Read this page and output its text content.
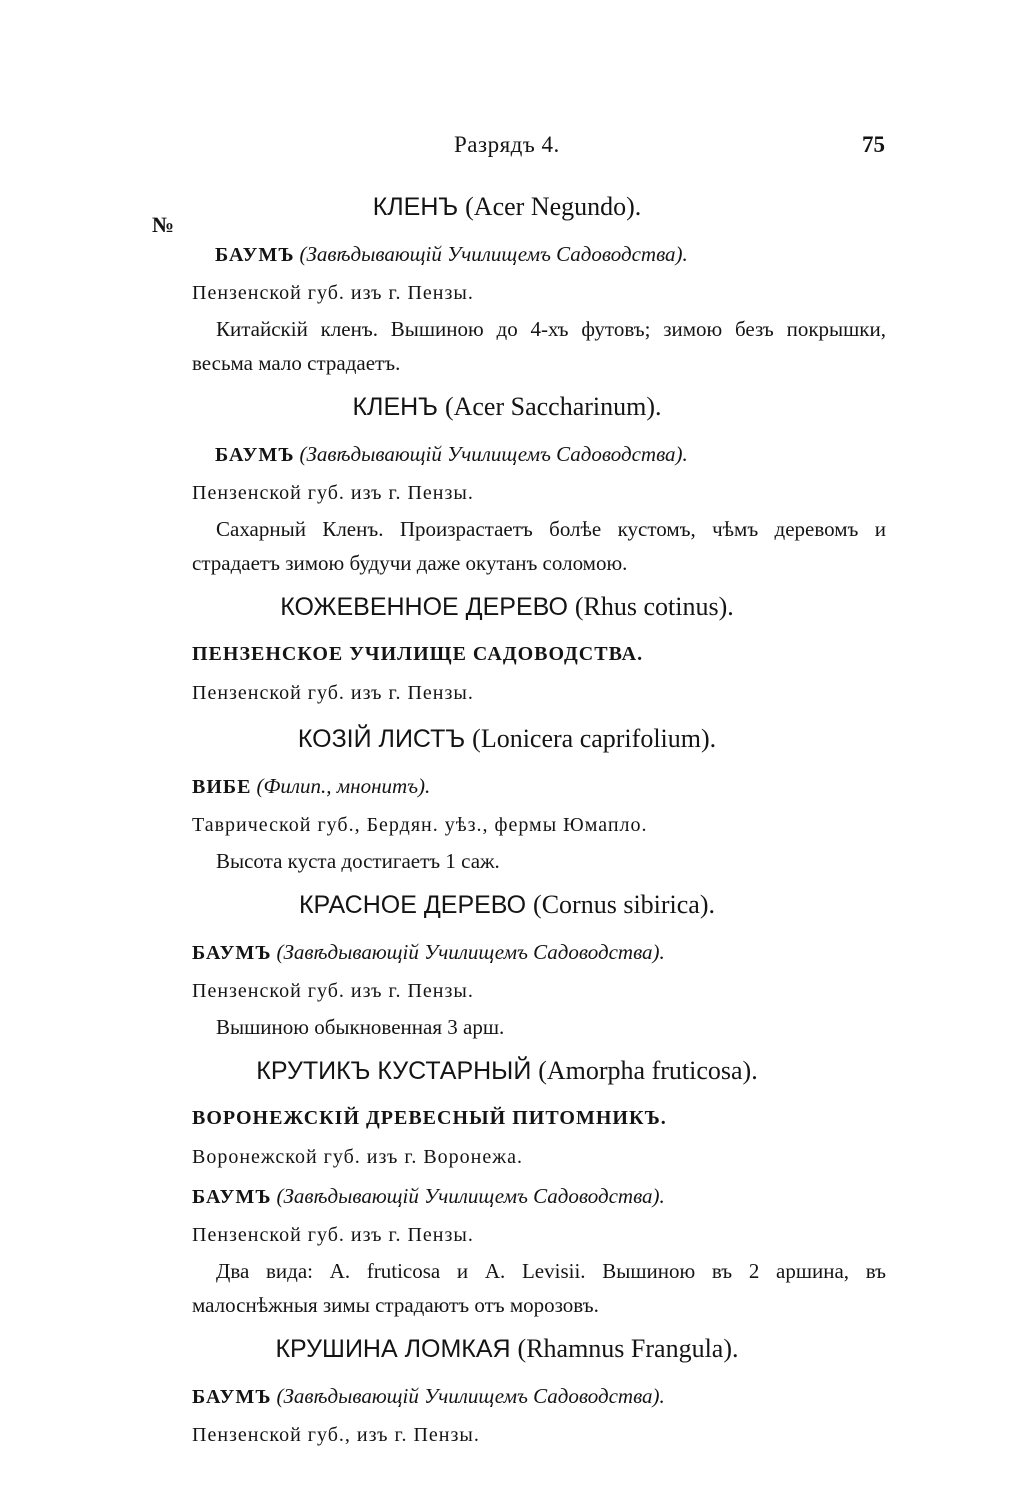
Разрядъ 4.	75
№
КЛЕНЪ (Acer Negundo).
БАУМЪ (Завѣдывающій Училищемъ Садоводства).
Пензенской губ. изъ г. Пензы.
Китайскій кленъ. Вышиною до 4-хъ футовъ; зимою безъ покрышки, весьма мало страдаетъ.
КЛЕНЪ (Acer Saccharinum).
БАУМЪ (Завѣдывающій Училищемъ Садоводства).
Пензенской губ. изъ г. Пензы.
Сахарный Кленъ. Произрастаетъ болѣе кустомъ, чѣмъ деревомъ и страдаетъ зимою будучи даже окутанъ соломою.
КОЖЕВЕННОЕ ДЕРЕВО (Rhus cotinus).
ПЕНЗЕНСКОЕ УЧИЛИЩЕ САДОВОДСТВА.
Пензенской губ. изъ г. Пензы.
КОЗІЙ ЛИСТЪ (Lonicera caprifolium).
ВИБЕ (Филип., мнонитъ).
Таврической губ., Бердян. уѣз., фермы Юмапло.
Высота куста достигаетъ 1 саж.
КРАСНОЕ ДЕРЕВО (Cornus sibirica).
БАУМЪ (Завѣдывающій Училищемъ Садоводства).
Пензенской губ. изъ г. Пензы.
Вышиною обыкновенная 3 арш.
КРУТИКЪ КУСТАРНЫЙ (Amorpha fruticosa).
ВОРОНЕЖСКІЙ ДРЕВЕСНЫЙ ПИТОМНИКЪ.
Воронежской губ. изъ г. Воронежа.
БАУМЪ (Завѣдывающій Училищемъ Садоводства).
Пензенской губ. изъ г. Пензы.
Два вида: A. fruticosa и A. Levisii. Вышиною въ 2 аршина, въ малоснѣжныя зимы страдаютъ отъ морозовъ.
КРУШИНА ЛОМКАЯ (Rhamnus Frangula).
БАУМЪ (Завѣдывающій Училищемъ Садоводства).
Пензенской губ., изъ г. Пензы.
